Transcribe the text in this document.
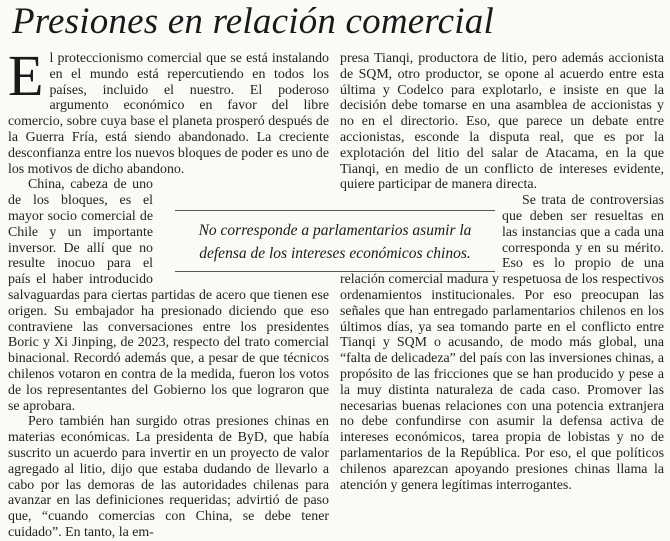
Presiones en relación comercial

El proteccionismo comercial que se está instalando en el mundo está repercutiendo en todos los países, incluido el nuestro. El poderoso argumento económico en favor del libre comercio, sobre cuya base el planeta prosperó después de la Guerra Fría, está siendo abandonado. La creciente desconfianza entre los nuevos bloques de poder es uno de los motivos de dicho abandono.

China, cabeza de uno de los bloques, es el mayor socio comercial de Chile y un importante inversor. De allí que no resulte inocuo para el país el haber introducido salvaguardas para ciertas partidas de acero que tienen ese origen. Su embajador ha presionado diciendo que eso contraviene las conversaciones entre los presidentes Boric y Xi Jinping, de 2023, respecto del trato comercial binacional. Recordó además que, a pesar de que técnicos chilenos votaron en contra de la medida, fueron los votos de los representantes del Gobierno los que lograron que se aprobara.

Pero también han surgido otras presiones chinas en materias económicas. La presidenta de ByD, que había suscrito un acuerdo para invertir en un proyecto de valor agregado al litio, dijo que estaba dudando de llevarlo a cabo por las demoras de las autoridades chilenas para avanzar en las definiciones requeridas; advirtió de paso que, “cuando comercias con China, se debe tener cuidado”. En tanto, la em-

presa Tianqi, productora de litio, pero además accionista de SQM, otro productor, se opone al acuerdo entre esta última y Codelco para explotarlo, e insiste en que la decisión debe tomarse en una asamblea de accionistas y no en el directorio. Eso, que parece un debate entre accionistas, esconde la disputa real, que es por la explotación del litio del salar de Atacama, en la que Tianqi, en medio de un conflicto de intereses evidente, quiere participar de manera directa.

Se trata de controversias que deben ser resueltas en las instancias que a cada una corresponda y en su mérito. Eso es lo propio de una relación comercial madura y respetuosa de los respectivos ordenamientos institucionales. Por eso preocupan las señales que han entregado parlamentarios chilenos en los últimos días, ya sea tomando parte en el conflicto entre Tianqi y SQM o acusando, de modo más global, una “falta de delicadeza” del país con las inversiones chinas, a propósito de las fricciones que se han producido y pese a la muy distinta naturaleza de cada caso. Promover las necesarias buenas relaciones con una potencia extranjera no debe confundirse con asumir la defensa activa de intereses económicos, tarea propia de lobistas y no de parlamentarios de la República. Por eso, el que políticos chilenos aparezcan apoyando presiones chinas llama la atención y genera legítimas interrogantes.

No corresponde a parlamentarios asumir la
defensa de los intereses económicos chinos.
